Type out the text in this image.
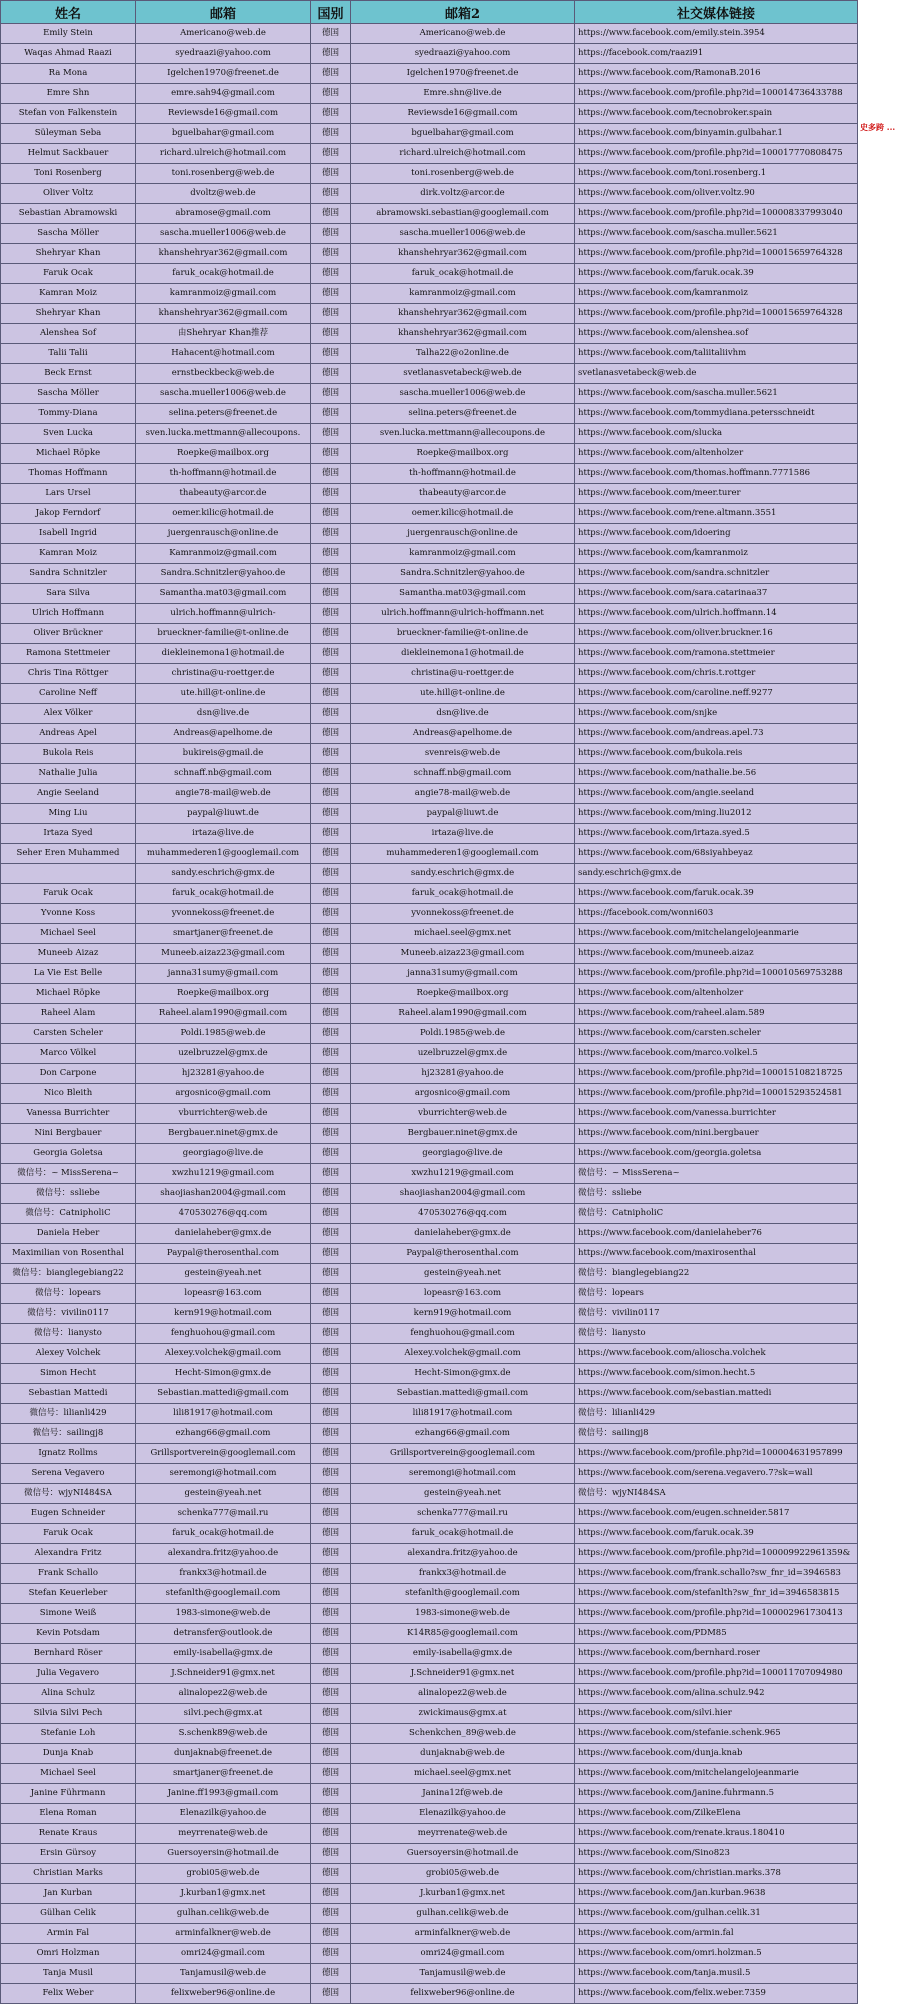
姓名	邮箱	国别	邮箱2	社交媒体链接
Emily Stein	Americano@web.de	德国	Americano@web.de	https://www.facebook.com/emily.stein.3954
Waqas Ahmad Raazi	syedraazi@yahoo.com	德国	syedraazi@yahoo.com	https://facebook.com/raazi91
Ra Mona	Igelchen1970@freenet.de	德国	Igelchen1970@freenet.de	https://www.facebook.com/RamonaB.2016
Emre Shn	emre.sah94@gmail.com	德国	Emre.shn@live.de	https://www.facebook.com/profile.php?id=100014736433788
Stefan von Falkenstein	Reviewsde16@gmail.com	德国	Reviewsde16@gmail.com	https://www.facebook.com/tecnobroker.spain
Süleyman Seba	bguelbahar@gmail.com	德国	bguelbahar@gmail.com	https://www.facebook.com/binyamin.gulbahar.1
Helmut Sackbauer	richard.ulreich@hotmail.com	德国	richard.ulreich@hotmail.com	https://www.facebook.com/profile.php?id=100017770808475
Toni Rosenberg	toni.rosenberg@web.de	德国	toni.rosenberg@web.de	https://www.facebook.com/toni.rosenberg.1
Oliver Voltz	dvoltz@web.de	德国	dirk.voltz@arcor.de	https://www.facebook.com/oliver.voltz.90
Sebastian Abramowski	abramose@gmail.com	德国	abramowski.sebastian@googlemail.com	https://www.facebook.com/profile.php?id=100008337993040
Sascha Möller	sascha.mueller1006@web.de	德国	sascha.mueller1006@web.de	https://www.facebook.com/sascha.muller.5621
Shehryar Khan	khanshehryar362@gmail.com	德国	khanshehryar362@gmail.com	https://www.facebook.com/profile.php?id=100015659764328
Faruk Ocak	faruk_ocak@hotmail.de	德国	faruk_ocak@hotmail.de	https://www.facebook.com/faruk.ocak.39
Kamran Moiz	kamranmoiz@gmail.com	德国	kamranmoiz@gmail.com	https://www.facebook.com/kamranmoiz
Shehryar Khan	khanshehryar362@gmail.com	德国	khanshehryar362@gmail.com	https://www.facebook.com/profile.php?id=100015659764328
Alenshea Sof	由Shehryar Khan推荐	德国	khanshehryar362@gmail.com	https://www.facebook.com/alenshea.sof
Talii Talii	Hahacent@hotmail.com	德国	Talha22@o2online.de	https://www.facebook.com/taliitaliivhm
Beck Ernst	ernstbeckbeck@web.de	德国	svetlanasvetabeck@web.de	svetlanasvetabeck@web.de
Sascha Möller	sascha.mueller1006@web.de	德国	sascha.mueller1006@web.de	https://www.facebook.com/sascha.muller.5621
Tommy-Diana	selina.peters@freenet.de	德国	selina.peters@freenet.de	https://www.facebook.com/tommydiana.petersschneidt
Sven Lucka	sven.lucka.mettmann@allecoupons.	德国	sven.lucka.mettmann@allecoupons.de	https://www.facebook.com/slucka
Michael Röpke	Roepke@mailbox.org	德国	Roepke@mailbox.org	https://www.facebook.com/altenholzer
Thomas Hoffmann	th-hoffmann@hotmail.de	德国	th-hoffmann@hotmail.de	https://www.facebook.com/thomas.hoffmann.7771586
Lars Ursel	thabeauty@arcor.de	德国	thabeauty@arcor.de	https://www.facebook.com/meer.turer
Jakop Ferndorf	oemer.kilic@hotmail.de	德国	oemer.kilic@hotmail.de	https://www.facebook.com/rene.altmann.3551
Isabell Ingrid	juergenrausch@online.de	德国	juergenrausch@online.de	https://www.facebook.com/idoering
Kamran Moiz	Kamranmoiz@gmail.com	德国	kamranmoiz@gmail.com	https://www.facebook.com/kamranmoiz
Sandra Schnitzler	Sandra.Schnitzler@yahoo.de	德国	Sandra.Schnitzler@yahoo.de	https://www.facebook.com/sandra.schnitzler
Sara Silva	Samantha.mat03@gmail.com	德国	Samantha.mat03@gmail.com	https://www.facebook.com/sara.catarinaa37
Ulrich Hoffmann	ulrich.hoffmann@ulrich-	德国	ulrich.hoffmann@ulrich-hoffmann.net	https://www.facebook.com/ulrich.hoffmann.14
Oliver Brückner	brueckner-familie@t-online.de	德国	brueckner-familie@t-online.de	https://www.facebook.com/oliver.bruckner.16
Ramona Stettmeier	diekleinemona1@hotmail.de	德国	diekleinemona1@hotmail.de	https://www.facebook.com/ramona.stettmeier
Chris Tina Röttger	christina@u-roettger.de	德国	christina@u-roettger.de	https://www.facebook.com/chris.t.rottger
Caroline Neff	ute.hill@t-online.de	德国	ute.hill@t-online.de	https://www.facebook.com/caroline.neff.9277
Alex Völker	dsn@live.de	德国	dsn@live.de	https://www.facebook.com/snjke
Andreas Apel	Andreas@apelhome.de	德国	Andreas@apelhome.de	https://www.facebook.com/andreas.apel.73
Bukola Reis	bukireis@gmail.de	德国	svenreis@web.de	https://www.facebook.com/bukola.reis
Nathalie Julia	schnaff.nb@gmail.com	德国	schnaff.nb@gmail.com	https://www.facebook.com/nathalie.be.56
Angie Seeland	angie78-mail@web.de	德国	angie78-mail@web.de	https://www.facebook.com/angie.seeland
Ming Liu	paypal@liuwt.de	德国	paypal@liuwt.de	https://www.facebook.com/ming.liu2012
Irtaza Syed	irtaza@live.de	德国	irtaza@live.de	https://www.facebook.com/irtaza.syed.5
Seher Eren Muhammed	muhammederen1@googlemail.com	德国	muhammederen1@googlemail.com	https://www.facebook.com/68siyahbeyaz
	sandy.eschrich@gmx.de	德国	sandy.eschrich@gmx.de	sandy.eschrich@gmx.de
Faruk Ocak	faruk_ocak@hotmail.de	德国	faruk_ocak@hotmail.de	https://www.facebook.com/faruk.ocak.39
Yvonne Koss	yvonnekoss@freenet.de	德国	yvonnekoss@freenet.de	https://facebook.com/wonni603
Michael Seel	smartjaner@freenet.de	德国	michael.seel@gmx.net	https://www.facebook.com/mitchelangelojeanmarie
Muneeb Aizaz	Muneeb.aizaz23@gmail.com	德国	Muneeb.aizaz23@gmail.com	https://www.facebook.com/muneeb.aizaz
La Vie Est Belle	janna31sumy@gmail.com	德国	janna31sumy@gmail.com	https://www.facebook.com/profile.php?id=100010569753288
Michael Röpke	Roepke@mailbox.org	德国	Roepke@mailbox.org	https://www.facebook.com/altenholzer
Raheel Alam	Raheel.alam1990@gmail.com	德国	Raheel.alam1990@gmail.com	https://www.facebook.com/raheel.alam.589
Carsten Scheler	Poldi.1985@web.de	德国	Poldi.1985@web.de	https://www.facebook.com/carsten.scheler
Marco Völkel	uzelbruzzel@gmx.de	德国	uzelbruzzel@gmx.de	https://www.facebook.com/marco.volkel.5
Don Carpone	hj23281@yahoo.de	德国	hj23281@yahoo.de	https://www.facebook.com/profile.php?id=100015108218725
Nico Bleith	argosnico@gmail.com	德国	argosnico@gmail.com	https://www.facebook.com/profile.php?id=100015293524581
Vanessa Burrichter	vburrichter@web.de	德国	vburrichter@web.de	https://www.facebook.com/vanessa.burrichter
Nini Bergbauer	Bergbauer.ninet@gmx.de	德国	Bergbauer.ninet@gmx.de	https://www.facebook.com/nini.bergbauer
Georgia Goletsa	georgiago@live.de	德国	georgiago@live.de	https://www.facebook.com/georgia.goletsa
微信号：~ MissSerena~	xwzhu1219@gmail.com	德国	xwzhu1219@gmail.com	微信号：~ MissSerena~
微信号：ssliebe	shaojiashan2004@gmail.com	德国	shaojiashan2004@gmail.com	微信号：ssliebe
微信号：CatnipholiC	470530276@qq.com	德国	470530276@qq.com	微信号：CatnipholiC
Daniela Heber	danielaheber@gmx.de	德国	danielaheber@gmx.de	https://www.facebook.com/danielaheber76
Maximilian von Rosenthal	Paypal@therosenthal.com	德国	Paypal@therosenthal.com	https://www.facebook.com/maxirosenthal
微信号：bianglegebiang22	gestein@yeah.net	德国	gestein@yeah.net	微信号：bianglegebiang22
微信号：lopears	lopeasr@163.com	德国	lopeasr@163.com	微信号：lopears
微信号：vivilin0117	kern919@hotmail.com	德国	kern919@hotmail.com	微信号：vivilin0117
微信号：lianysto	fenghuohou@gmail.com	德国	fenghuohou@gmail.com	微信号：lianysto
Alexey Volchek	Alexey.volchek@gmail.com	德国	Alexey.volchek@gmail.com	https://www.facebook.com/alioscha.volchek
Simon Hecht	Hecht-Simon@gmx.de	德国	Hecht-Simon@gmx.de	https://www.facebook.com/simon.hecht.5
Sebastian Mattedi	Sebastian.mattedi@gmail.com	德国	Sebastian.mattedi@gmail.com	https://www.facebook.com/sebastian.mattedi
微信号：lilianli429	lili81917@hotmail.com	德国	lili81917@hotmail.com	微信号：lilianli429
微信号：sailingj8	ezhang66@gmail.com	德国	ezhang66@gmail.com	微信号：sailingj8
Ignatz Rollms	Grillsportverein@googlemail.com	德国	Grillsportverein@googlemail.com	https://www.facebook.com/profile.php?id=100004631957899
Serena Vegavero	seremongi@hotmail.com	德国	seremongi@hotmail.com	https://www.facebook.com/serena.vegavero.7?sk=wall
微信号：wjyNI484SA	gestein@yeah.net	德国	gestein@yeah.net	微信号：wjyNI484SA
Eugen Schneider	schenka777@mail.ru	德国	schenka777@mail.ru	https://www.facebook.com/eugen.schneider.5817
Faruk Ocak	faruk_ocak@hotmail.de	德国	faruk_ocak@hotmail.de	https://www.facebook.com/faruk.ocak.39
Alexandra Fritz	alexandra.fritz@yahoo.de	德国	alexandra.fritz@yahoo.de	https://www.facebook.com/profile.php?id=100009922961359&
Frank Schallo	frankx3@hotmail.de	德国	frankx3@hotmail.de	https://www.facebook.com/frank.schallo?sw_fnr_id=3946583
Stefan Keuerleber	stefanlth@googlemail.com	德国	stefanlth@googlemail.com	https://www.facebook.com/stefanlth?sw_fnr_id=3946583815
Simone Weiß	1983-simone@web.de	德国	1983-simone@web.de	https://www.facebook.com/profile.php?id=100002961730413
Kevin Potsdam	detransfer@outlook.de	德国	K14R85@googlemail.com	https://www.facebook.com/PDM85
Bernhard Röser	emily-isabella@gmx.de	德国	emily-isabella@gmx.de	https://www.facebook.com/bernhard.roser
Julia Vegavero	J.Schneider91@gmx.net	德国	J.Schneider91@gmx.net	https://www.facebook.com/profile.php?id=100011707094980
Alina Schulz	alinalopez2@web.de	德国	alinalopez2@web.de	https://www.facebook.com/alina.schulz.942
Silvia Silvi Pech	silvi.pech@gmx.at	德国	zwickimaus@gmx.at	https://www.facebook.com/silvi.hier
Stefanie Loh	S.schenk89@web.de	德国	Schenkchen_89@web.de	https://www.facebook.com/stefanie.schenk.965
Dunja Knab	dunjaknab@freenet.de	德国	dunjaknab@web.de	https://www.facebook.com/dunja.knab
Michael Seel	smartjaner@freenet.de	德国	michael.seel@gmx.net	https://www.facebook.com/mitchelangelojeanmarie
Janine Führmann	Janine.ff1993@gmail.com	德国	Janina12f@web.de	https://www.facebook.com/janine.fuhrmann.5
Elena Roman	Elenazilk@yahoo.de	德国	Elenazilk@yahoo.de	https://www.facebook.com/ZilkeElena
Renate Kraus	meyrrenate@web.de	德国	meyrrenate@web.de	https://www.facebook.com/renate.kraus.180410
Ersin Gürsoy	Guersoyersin@hotmail.de	德国	Guersoyersin@hotmail.de	https://www.facebook.com/Sino823
Christian Marks	grobi05@web.de	德国	grobi05@web.de	https://www.facebook.com/christian.marks.378
Jan Kurban	J.kurban1@gmx.net	德国	J.kurban1@gmx.net	https://www.facebook.com/jan.kurban.9638
Gülhan Celik	gulhan.celik@web.de	德国	gulhan.celik@web.de	https://www.facebook.com/gulhan.celik.31
Armin Fal	arminfalkner@web.de	德国	arminfalkner@web.de	https://www.facebook.com/armin.fal
Omri Holzman	omri24@gmail.com	德国	omri24@gmail.com	https://www.facebook.com/omri.holzman.5
Tanja Musil	Tanjamusil@web.de	德国	Tanjamusil@web.de	https://www.facebook.com/tanja.musil.5
Felix Weber	felixweber96@online.de	德国	felixweber96@online.de	https://www.facebook.com/felix.weber.7359
史多跨 ...
